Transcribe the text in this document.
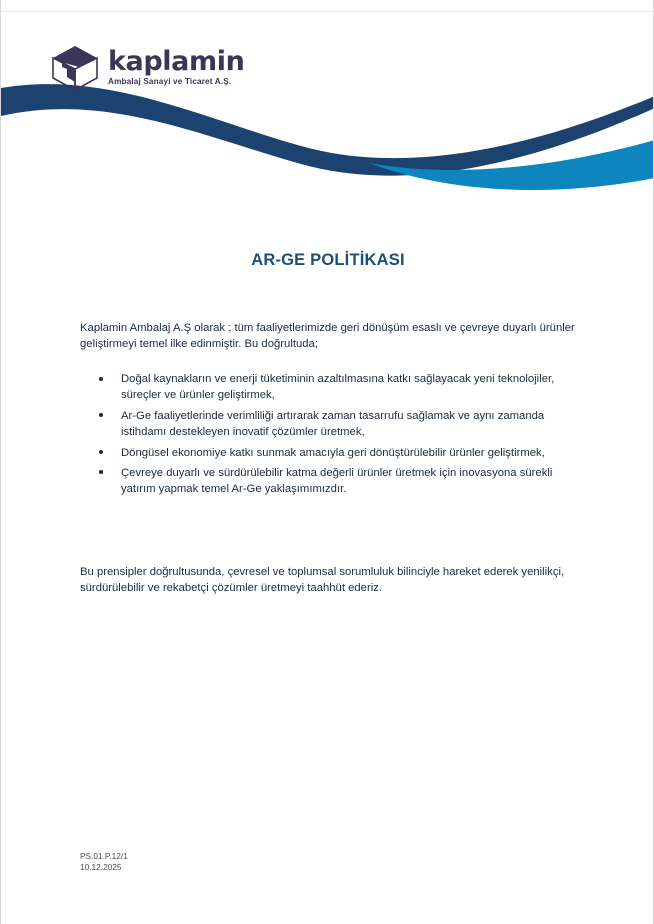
kaplamin
Ambalaj Sanayi ve Ticaret A.Ş.
AR-GE POLİTİKASI

Kaplamin Ambalaj A.Ş olarak ; tüm faaliyetlerimizde geri dönüşüm esaslı ve çevreye duyarlı ürünler geliştirmeyi temel ilke edinmiştir. Bu doğrultuda;

Doğal kaynakların ve enerji tüketiminin azaltılmasına katkı sağlayacak yeni teknolojiler, süreçler ve ürünler geliştirmek,
Ar-Ge faaliyetlerinde verimliliği artırarak zaman tasarrufu sağlamak ve aynı zamanda istihdamı destekleyen inovatif çözümler üretmek,
Döngüsel ekonomiye katkı sunmak amacıyla geri dönüştürülebilir ürünler geliştirmek,
Çevreye duyarlı ve sürdürülebilir katma değerli ürünler üretmek için inovasyona sürekli yatırım yapmak temel Ar-Ge yaklaşımımızdır.

Bu prensipler doğrultusunda, çevresel ve toplumsal sorumluluk bilinciyle hareket ederek yenilikçi, sürdürülebilir ve rekabetçi çözümler üretmeyi taahhüt ederiz.

PS.01.P.12/1
10.12.2025
